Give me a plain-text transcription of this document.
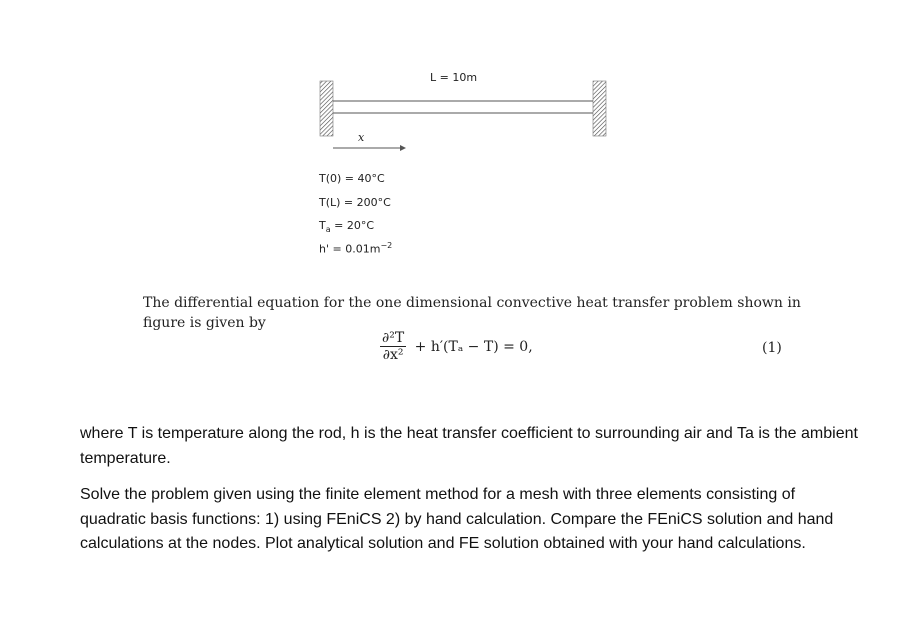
L = 10m
x
T(0) = 40°C
T(L) = 200°C
$T_a = 20^\circ C$
$h' = 0.01m^{-2}$
The differential equation for the one dimensional convective heat transfer problem shown in figure is given by
$\frac{\text{∂²T}}{\text{∂x²}} + h'(T_a - T) = 0$,	(1)
where T is temperature along the rod, h is the heat transfer coefficient to surrounding air and Ta is the ambient temperature.
Solve the problem given using the finite element method for a mesh with three elements consisting of quadratic basis functions: 1) using FEniCS 2) by hand calculation. Compare the FEniCS solution and hand calculations at the nodes. Plot analytical solution and FE solution obtained with your hand calculations.
